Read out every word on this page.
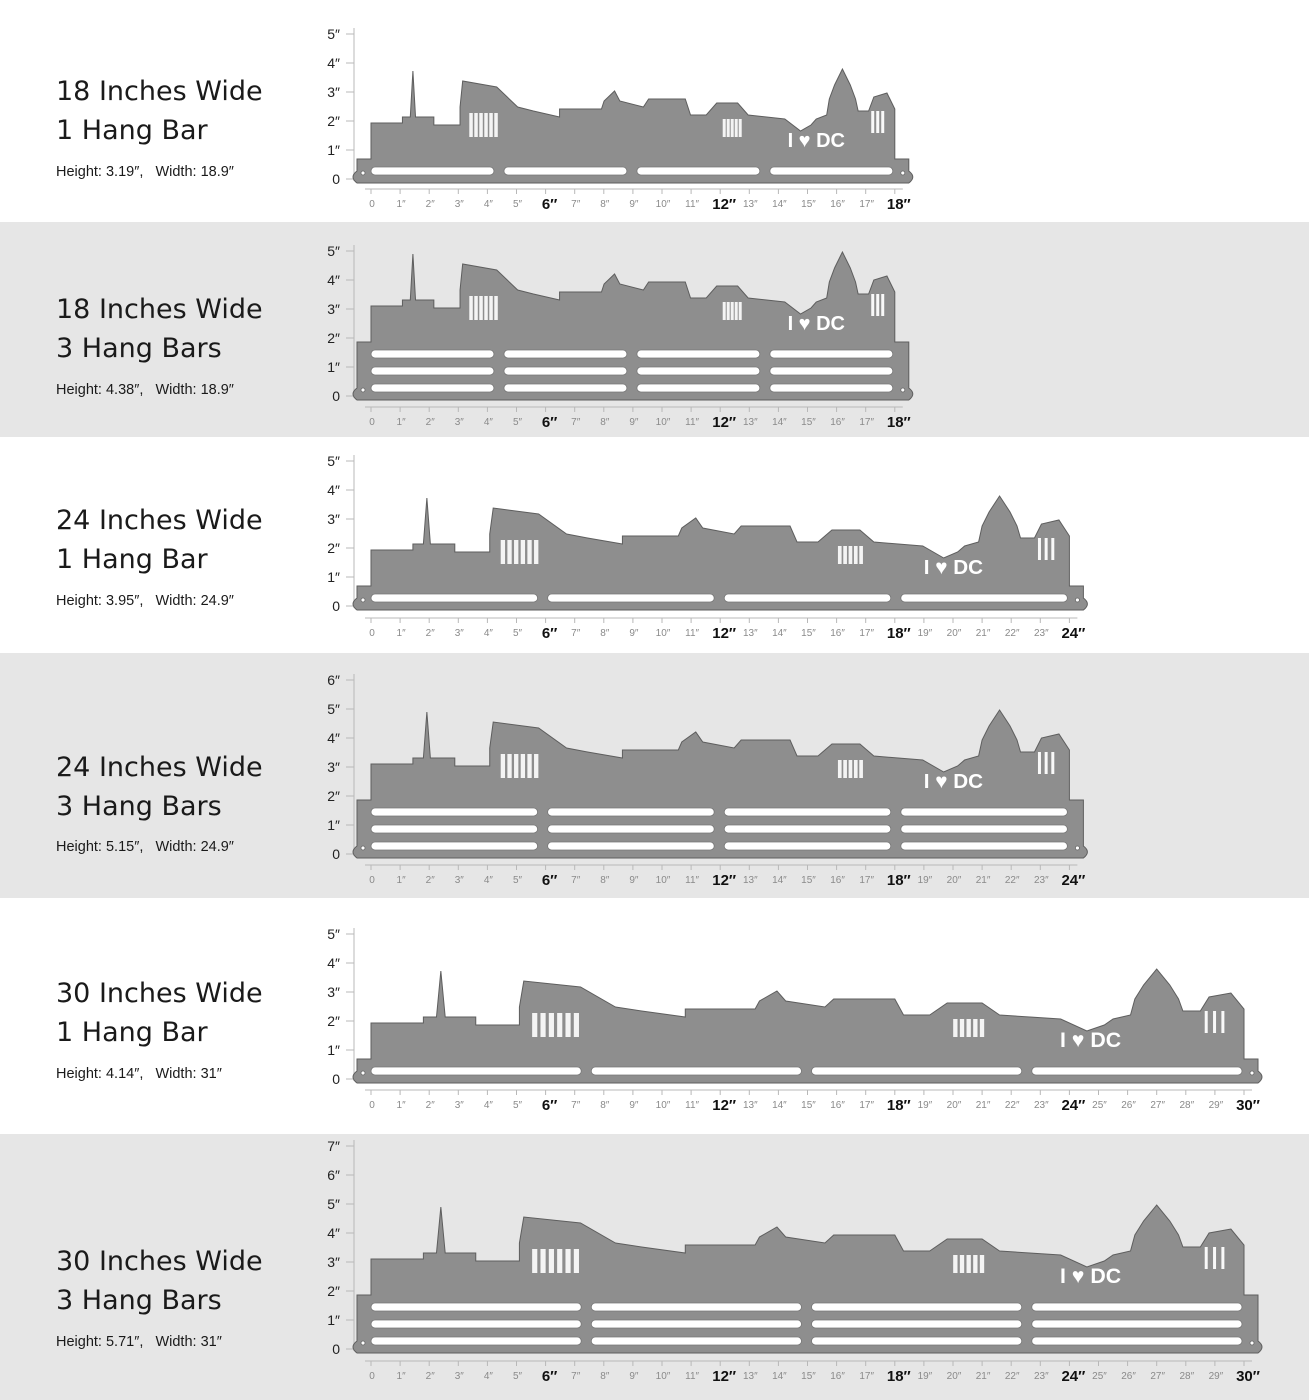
18 Inches Wide
1 Hang Bar
Height: 3.19″, Width: 18.9″
5″
4″
3″
2″
1″
0
0 1″ 2″ 3″ 4″ 5″ 6″ 7″ 8″ 9″ 10″ 11″ 12″ 13″ 14″ 15″ 16″ 17″ 18″
I ♥ DC
18 Inches Wide
3 Hang Bars
Height: 4.38″, Width: 18.9″
5″
4″
3″
2″
1″
0
0 1″ 2″ 3″ 4″ 5″ 6″ 7″ 8″ 9″ 10″ 11″ 12″ 13″ 14″ 15″ 16″ 17″ 18″
I ♥ DC
24 Inches Wide
1 Hang Bar
Height: 3.95″, Width: 24.9″
5″
4″
3″
2″
1″
0
0 1″ 2″ 3″ 4″ 5″ 6″ 7″ 8″ 9″ 10″ 11″ 12″ 13″ 14″ 15″ 16″ 17″ 18″ 19″ 20″ 21″ 22″ 23″ 24″
I ♥ DC
24 Inches Wide
3 Hang Bars
Height: 5.15″, Width: 24.9″
6″
5″
4″
3″
2″
1″
0
0 1″ 2″ 3″ 4″ 5″ 6″ 7″ 8″ 9″ 10″ 11″ 12″ 13″ 14″ 15″ 16″ 17″ 18″ 19″ 20″ 21″ 22″ 23″ 24″
I ♥ DC
30 Inches Wide
1 Hang Bar
Height: 4.14″, Width: 31″
5″
4″
3″
2″
1″
0
0 1″ 2″ 3″ 4″ 5″ 6″ 7″ 8″ 9″ 10″ 11″ 12″ 13″ 14″ 15″ 16″ 17″ 18″ 19″ 20″ 21″ 22″ 23″ 24″ 25″ 26″ 27″ 28″ 29″ 30″
I ♥ DC
30 Inches Wide
3 Hang Bars
Height: 5.71″, Width: 31″
7″
6″
5″
4″
3″
2″
1″
0
0 1″ 2″ 3″ 4″ 5″ 6″ 7″ 8″ 9″ 10″ 11″ 12″ 13″ 14″ 15″ 16″ 17″ 18″ 19″ 20″ 21″ 22″ 23″ 24″ 25″ 26″ 27″ 28″ 29″ 30″
I ♥ DC
